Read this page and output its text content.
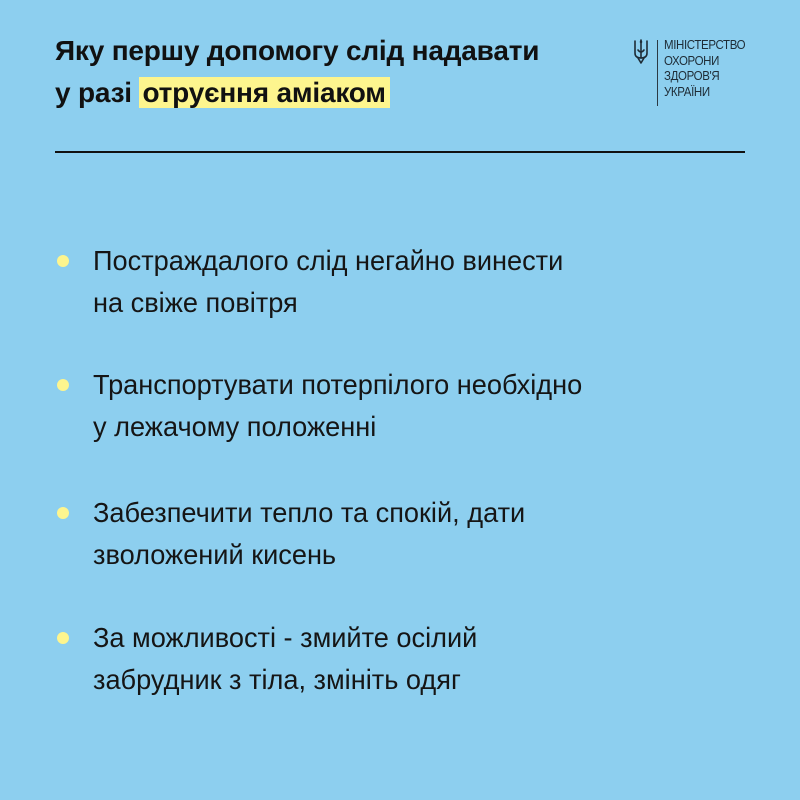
Яку першу допомогу слід надавати
у разі отруєння аміаком
МІНІСТЕРСТВО
ОХОРОНИ
ЗДОРОВ'Я
УКРАЇНИ
Постраждалого слід негайно винести
на свіже повітря
Транспортувати потерпілого необхідно
у лежачому положенні
Забезпечити тепло та спокій, дати
зволожений кисень
За можливості - змийте осілий
забрудник з тіла, змініть одяг
